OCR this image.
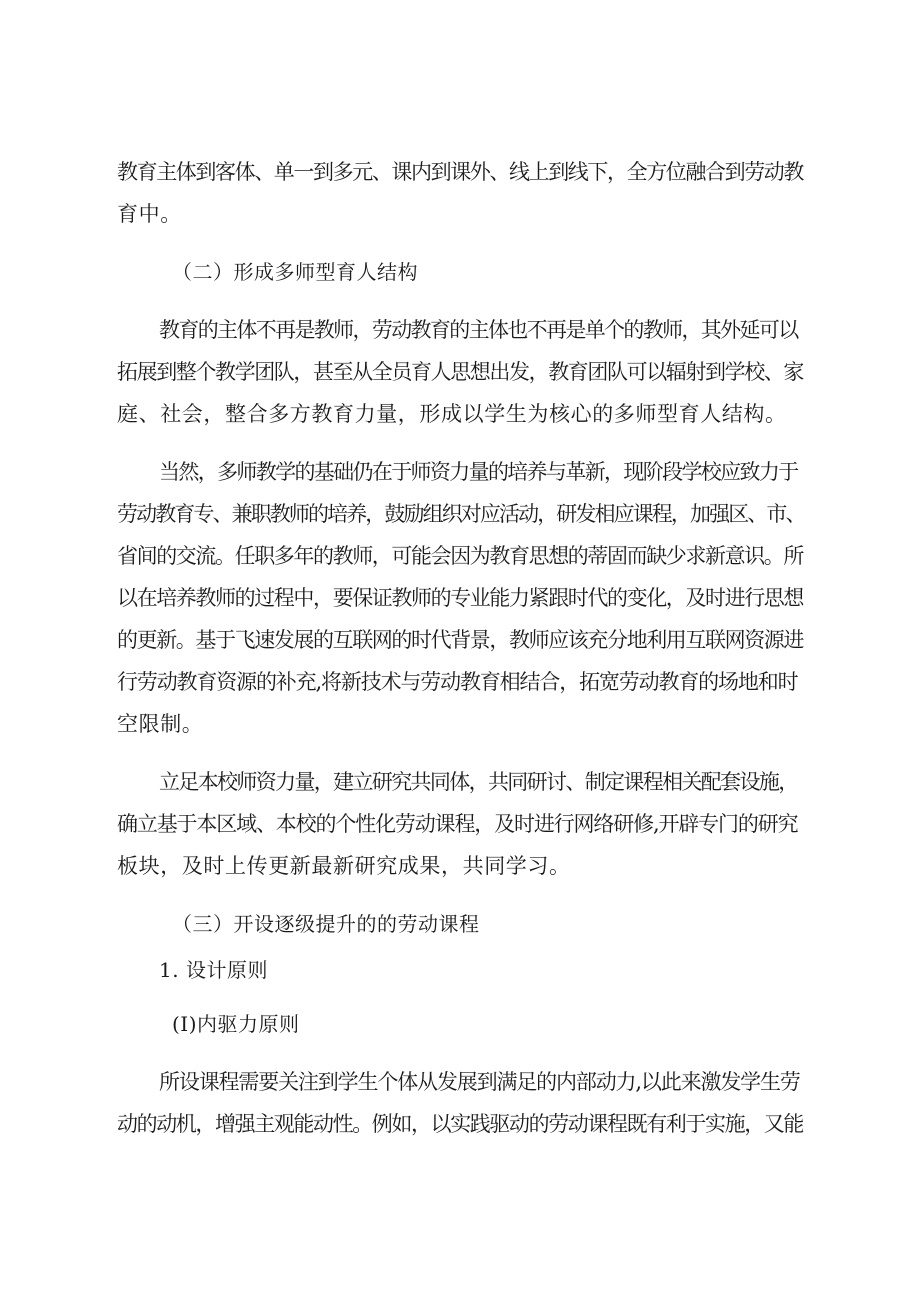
教育主体到客体、单一到多元、课内到课外、线上到线下，全方位融合到劳动教
育中。
（二）形成多师型育人结构
教育的主体不再是教师，劳动教育的主体也不再是单个的教师，其外延可以
拓展到整个教学团队，甚至从全员育人思想出发，教育团队可以辐射到学校、家
庭、社会，整合多方教育力量，形成以学生为核心的多师型育人结构。
当然，多师教学的基础仍在于师资力量的培养与革新，现阶段学校应致力于
劳动教育专、兼职教师的培养，鼓励组织对应活动，研发相应课程，加强区、市、
省间的交流。任职多年的教师，可能会因为教育思想的蒂固而缺少求新意识。所
以在培养教师的过程中，要保证教师的专业能力紧跟时代的变化，及时进行思想
的更新。基于飞速发展的互联网的时代背景，教师应该充分地利用互联网资源进
行劳动教育资源的补充,将新技术与劳动教育相结合，拓宽劳动教育的场地和时
空限制。
立足本校师资力量，建立研究共同体，共同研讨、制定课程相关配套设施，
确立基于本区域、本校的个性化劳动课程，及时进行网络研修,开辟专门的研究
板块，及时上传更新最新研究成果，共同学习。
（三）开设逐级提升的的劳动课程
1. 设计原则
(I)内驱力原则
所设课程需要关注到学生个体从发展到满足的内部动力,以此来激发学生劳
动的动机，增强主观能动性。例如，以实践驱动的劳动课程既有利于实施，又能
